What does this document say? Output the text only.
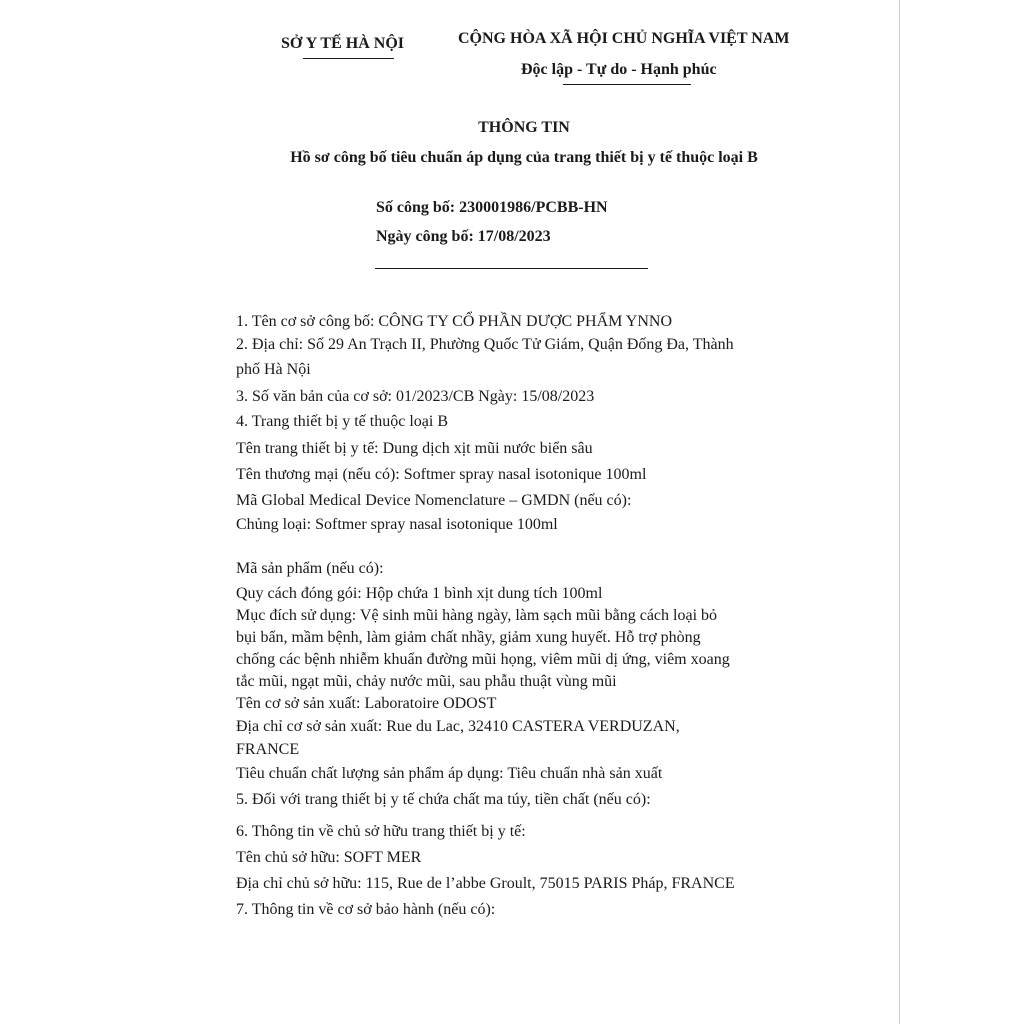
SỞ Y TẾ HÀ NỘI	CỘNG HÒA XÃ HỘI CHỦ NGHĨA VIỆT NAM
Độc lập - Tự do - Hạnh phúc
THÔNG TIN
Hồ sơ công bố tiêu chuẩn áp dụng của trang thiết bị y tế thuộc loại B
Số công bố: 230001986/PCBB-HN
Ngày công bố: 17/08/2023
1. Tên cơ sở công bố: CÔNG TY CỔ PHẦN DƯỢC PHẨM YNNO
2. Địa chỉ: Số 29 An Trạch II, Phường Quốc Tử Giám, Quận Đống Đa, Thành
phố Hà Nội
3. Số văn bản của cơ sở: 01/2023/CB Ngày: 15/08/2023
4. Trang thiết bị y tế thuộc loại B
Tên trang thiết bị y tế: Dung dịch xịt mũi nước biển sâu
Tên thương mại (nếu có): Softmer spray nasal isotonique 100ml
Mã Global Medical Device Nomenclature – GMDN (nếu có):
Chủng loại: Softmer spray nasal isotonique 100ml
Mã sản phẩm (nếu có):
Quy cách đóng gói: Hộp chứa 1 bình xịt dung tích 100ml
Mục đích sử dụng: Vệ sinh mũi hàng ngày, làm sạch mũi bằng cách loại bỏ
bụi bẩn, mầm bệnh, làm giảm chất nhầy, giảm xung huyết. Hỗ trợ phòng
chống các bệnh nhiễm khuẩn đường mũi họng, viêm mũi dị ứng, viêm xoang
tắc mũi, ngạt mũi, chảy nước mũi, sau phẫu thuật vùng mũi
Tên cơ sở sản xuất: Laboratoire ODOST
Địa chỉ cơ sở sản xuất: Rue du Lac, 32410 CASTERA VERDUZAN,
FRANCE
Tiêu chuẩn chất lượng sản phẩm áp dụng: Tiêu chuẩn nhà sản xuất
5. Đối với trang thiết bị y tế chứa chất ma túy, tiền chất (nếu có):
6. Thông tin về chủ sở hữu trang thiết bị y tế:
Tên chủ sở hữu: SOFT MER
Địa chỉ chủ sở hữu: 115, Rue de l’abbe Groult, 75015 PARIS Pháp, FRANCE
7. Thông tin về cơ sở bảo hành (nếu có):
